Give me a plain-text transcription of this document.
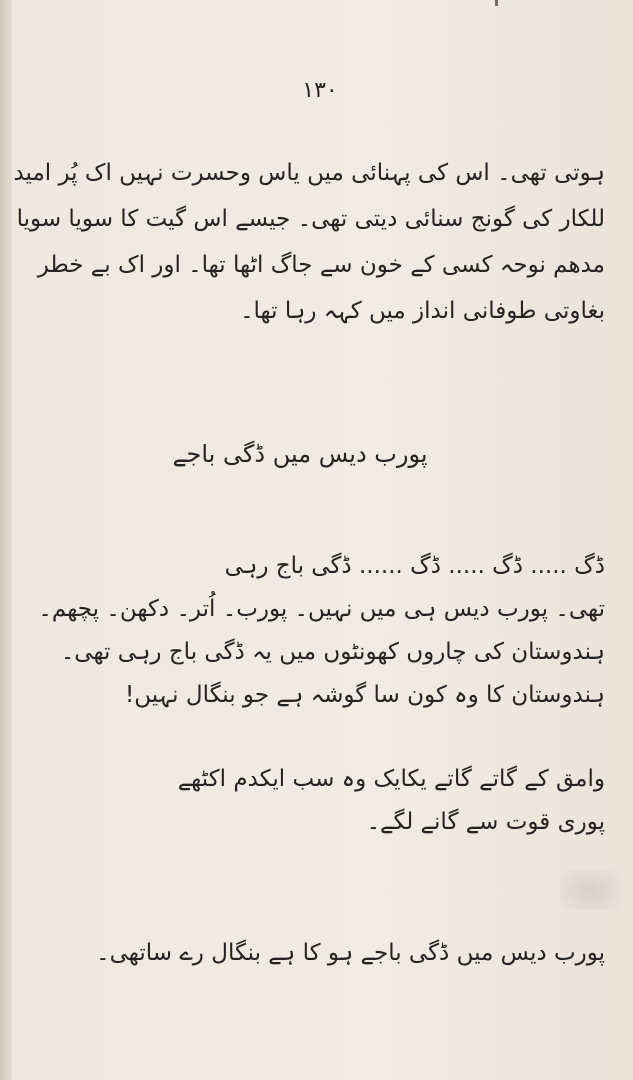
۱۳۰
ہوتی تھی۔ اس کی پہنائی میں یاس وحسرت نہیں اک پُر امید
للکار کی گونج سنائی دیتی تھی۔ جیسے اس گیت کا سویا سویا
مدھم نوحہ کسی کے خون سے جاگ اٹھا تھا۔ اور اک بے خطر
بغاوتی طوفانی انداز میں کہہ رہا تھا۔
پورب دیس میں ڈگی باجے
ڈگ ..... ڈگ ..... ڈگ ...... ڈگی باج رہی
تھی۔ پورب دیس ہی میں نہیں۔ پورب۔ اُتر۔ دکھن۔ پچھم۔
ہندوستان کی چاروں کھونٹوں میں یہ ڈگی باج رہی تھی۔
ہندوستان کا وہ کون سا گوشہ ہے جو بنگال نہیں!
وامق کے گاتے گاتے یکایک وہ سب ایکدم اکٹھے
پوری قوت سے گانے لگے۔
پورب دیس میں ڈگی باجے ہو کا ہے بنگال رے ساتھی۔
